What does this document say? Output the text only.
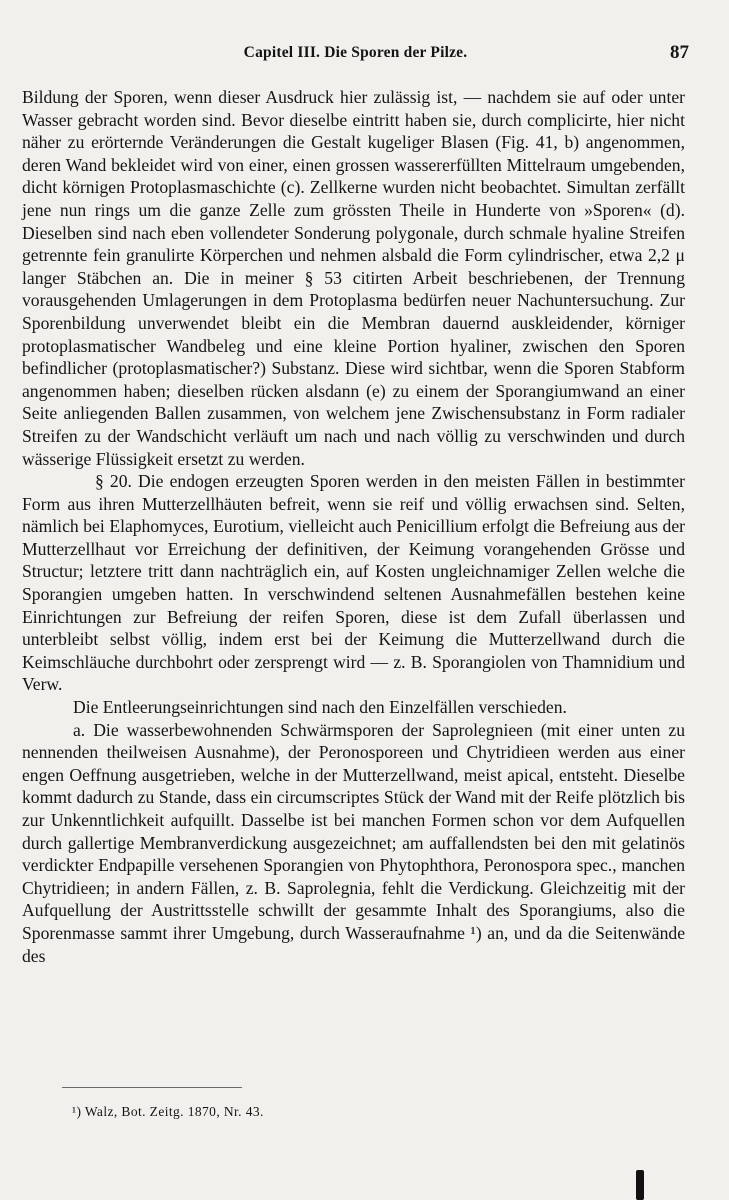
Capitel III. Die Sporen der Pilze.	87

Bildung der Sporen, wenn dieser Ausdruck hier zulässig ist, — nachdem sie auf oder unter Wasser gebracht worden sind. Bevor dieselbe eintritt haben sie, durch complicirte, hier nicht näher zu erörternde Veränderungen die Gestalt kugeliger Blasen (Fig. 41, b) angenommen, deren Wand bekleidet wird von einer, einen grossen wassererfüllten Mittelraum umgebenden, dicht körnigen Protoplasmaschichte (c). Zellkerne wurden nicht beobachtet. Simultan zerfällt jene nun rings um die ganze Zelle zum grössten Theile in Hunderte von »Sporen« (d). Dieselben sind nach eben vollendeter Sonderung polygonale, durch schmale hyaline Streifen getrennte fein granulirte Körperchen und nehmen alsbald die Form cylindrischer, etwa 2,2 μ langer Stäbchen an. Die in meiner § 53 citirten Arbeit beschriebenen, der Trennung vorausgehenden Umlagerungen in dem Protoplasma bedürfen neuer Nachuntersuchung. Zur Sporenbildung unverwendet bleibt ein die Membran dauernd auskleidender, körniger protoplasmatischer Wandbeleg und eine kleine Portion hyaliner, zwischen den Sporen befindlicher (protoplasmatischer?) Substanz. Diese wird sichtbar, wenn die Sporen Stabform angenommen haben; dieselben rücken alsdann (e) zu einem der Sporangiumwand an einer Seite anliegenden Ballen zusammen, von welchem jene Zwischensubstanz in Form radialer Streifen zu der Wandschicht verläuft um nach und nach völlig zu verschwinden und durch wässerige Flüssigkeit ersetzt zu werden.

§ 20. Die endogen erzeugten Sporen werden in den meisten Fällen in bestimmter Form aus ihren Mutterzellhäuten befreit, wenn sie reif und völlig erwachsen sind. Selten, nämlich bei Elaphomyces, Eurotium, vielleicht auch Penicillium erfolgt die Befreiung aus der Mutterzellhaut vor Erreichung der definitiven, der Keimung vorangehenden Grösse und Structur; letztere tritt dann nachträglich ein, auf Kosten ungleichnamiger Zellen welche die Sporangien umgeben hatten. In verschwindend seltenen Ausnahmefällen bestehen keine Einrichtungen zur Befreiung der reifen Sporen, diese ist dem Zufall überlassen und unterbleibt selbst völlig, indem erst bei der Keimung die Mutterzellwand durch die Keimschläuche durchbohrt oder zersprengt wird — z. B. Sporangiolen von Thamnidium und Verw.

Die Entleerungseinrichtungen sind nach den Einzelfällen verschieden.

a. Die wasserbewohnenden Schwärmsporen der Saprolegnieen (mit einer unten zu nennenden theilweisen Ausnahme), der Peronosporeen und Chytridieen werden aus einer engen Oeffnung ausgetrieben, welche in der Mutterzellwand, meist apical, entsteht. Dieselbe kommt dadurch zu Stande, dass ein circumscriptes Stück der Wand mit der Reife plötzlich bis zur Unkenntlichkeit aufquillt. Dasselbe ist bei manchen Formen schon vor dem Aufquellen durch gallertige Membranverdickung ausgezeichnet; am auffallendsten bei den mit gelatinös verdickter Endpapille versehenen Sporangien von Phytophthora, Peronospora spec., manchen Chytridieen; in andern Fällen, z. B. Saprolegnia, fehlt die Verdickung. Gleichzeitig mit der Aufquellung der Austrittsstelle schwillt der gesammte Inhalt des Sporangiums, also die Sporenmasse sammt ihrer Umgebung, durch Wasseraufnahme ¹) an, und da die Seitenwände des

¹) Walz, Bot. Zeitg. 1870, Nr. 43.
